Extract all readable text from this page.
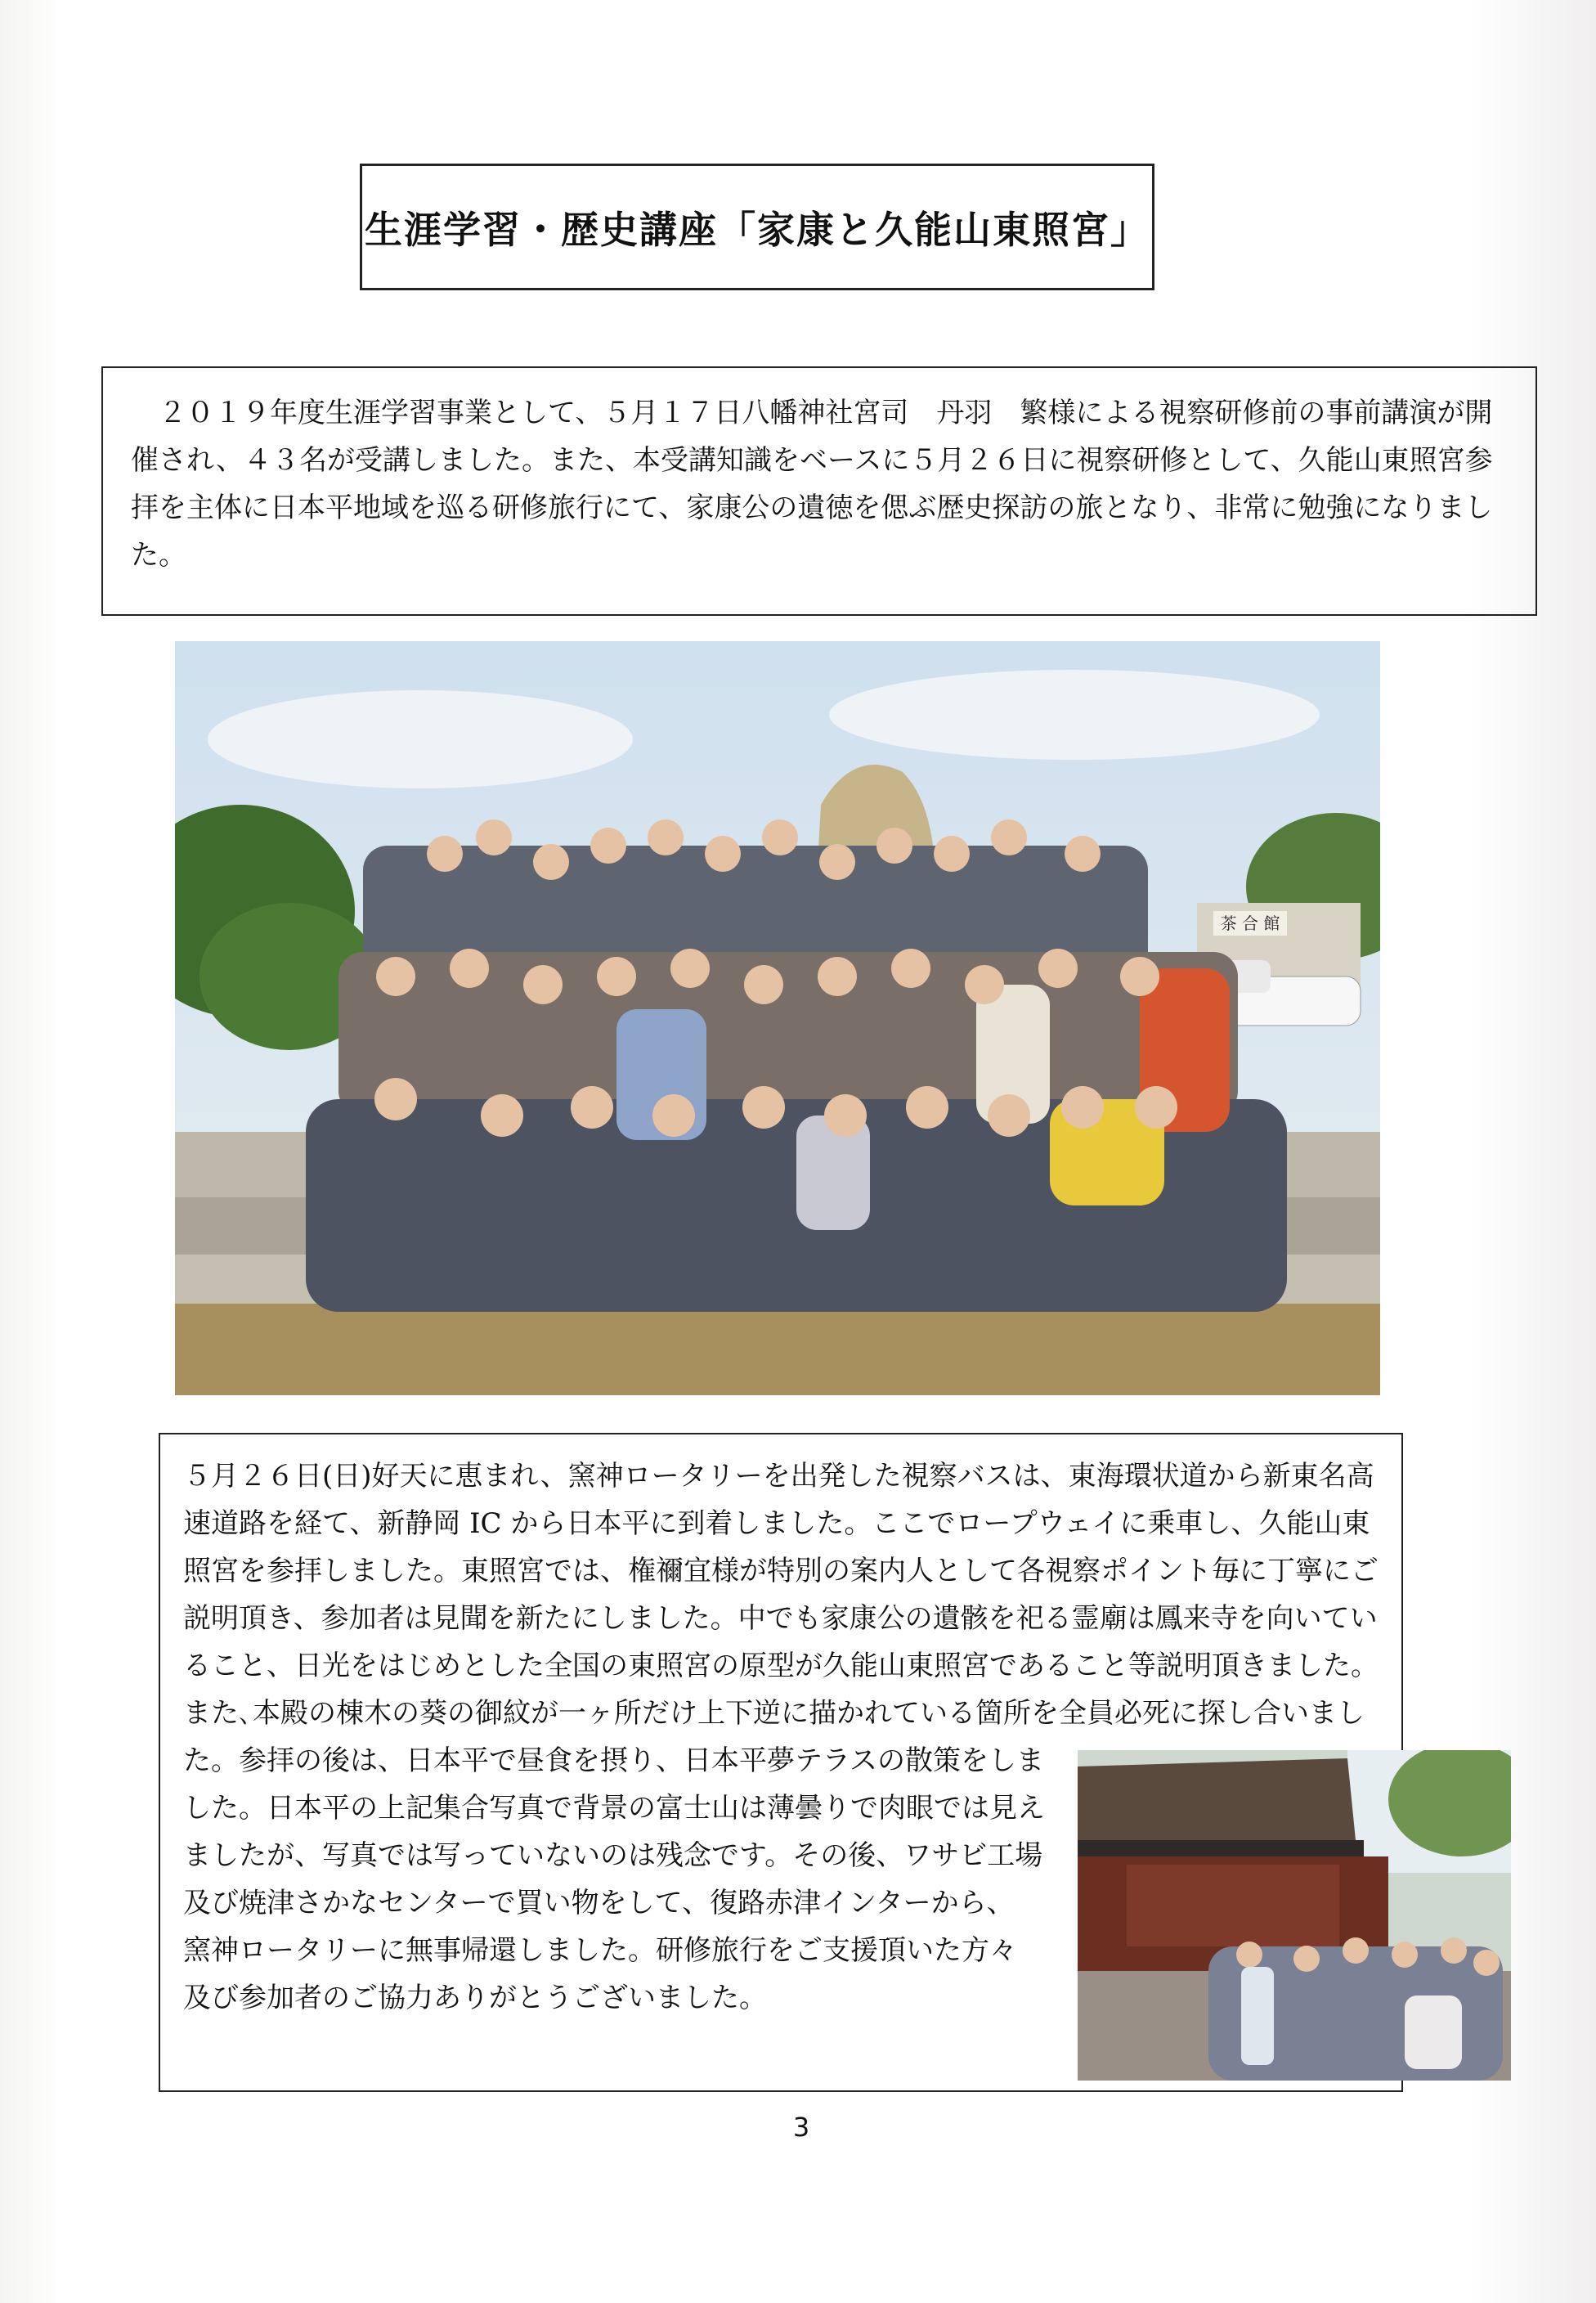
生涯学習・歴史講座「家康と久能山東照宮」
２０１９年度生涯学習事業として、５月１７日八幡神社宮司　丹羽　繁様による視察研修前の事前講演が開催され、４３名が受講しました。また、本受講知識をベースに５月２６日に視察研修として、久能山東照宮参拝を主体に日本平地域を巡る研修旅行にて、家康公の遺徳を偲ぶ歴史探訪の旅となり、非常に勉強になりました。
茶 合 館
５月２６日(日)好天に恵まれ、窯神ロータリーを出発した視察バスは、東海環状道から新東名高
速道路を経て、新静岡 IC から日本平に到着しました。ここでロープウェイに乗車し、久能山東
照宮を参拝しました。東照宮では、権禰宜様が特別の案内人として各視察ポイント毎に丁寧にご
説明頂き、参加者は見聞を新たにしました。中でも家康公の遺骸を祀る霊廟は鳳来寺を向いてい
ること、日光をはじめとした全国の東照宮の原型が久能山東照宮であること等説明頂きました。
また､本殿の棟木の葵の御紋が一ヶ所だけ上下逆に描かれている箇所を全員必死に探し合いまし
た。参拝の後は、日本平で昼食を摂り、日本平夢テラスの散策をしま
した。日本平の上記集合写真で背景の富士山は薄曇りで肉眼では見え
ましたが、写真では写っていないのは残念です。その後、ワサビ工場
及び焼津さかなセンターで買い物をして、復路赤津インターから、
窯神ロータリーに無事帰還しました。研修旅行をご支援頂いた方々
及び参加者のご協力ありがとうございました。
3
